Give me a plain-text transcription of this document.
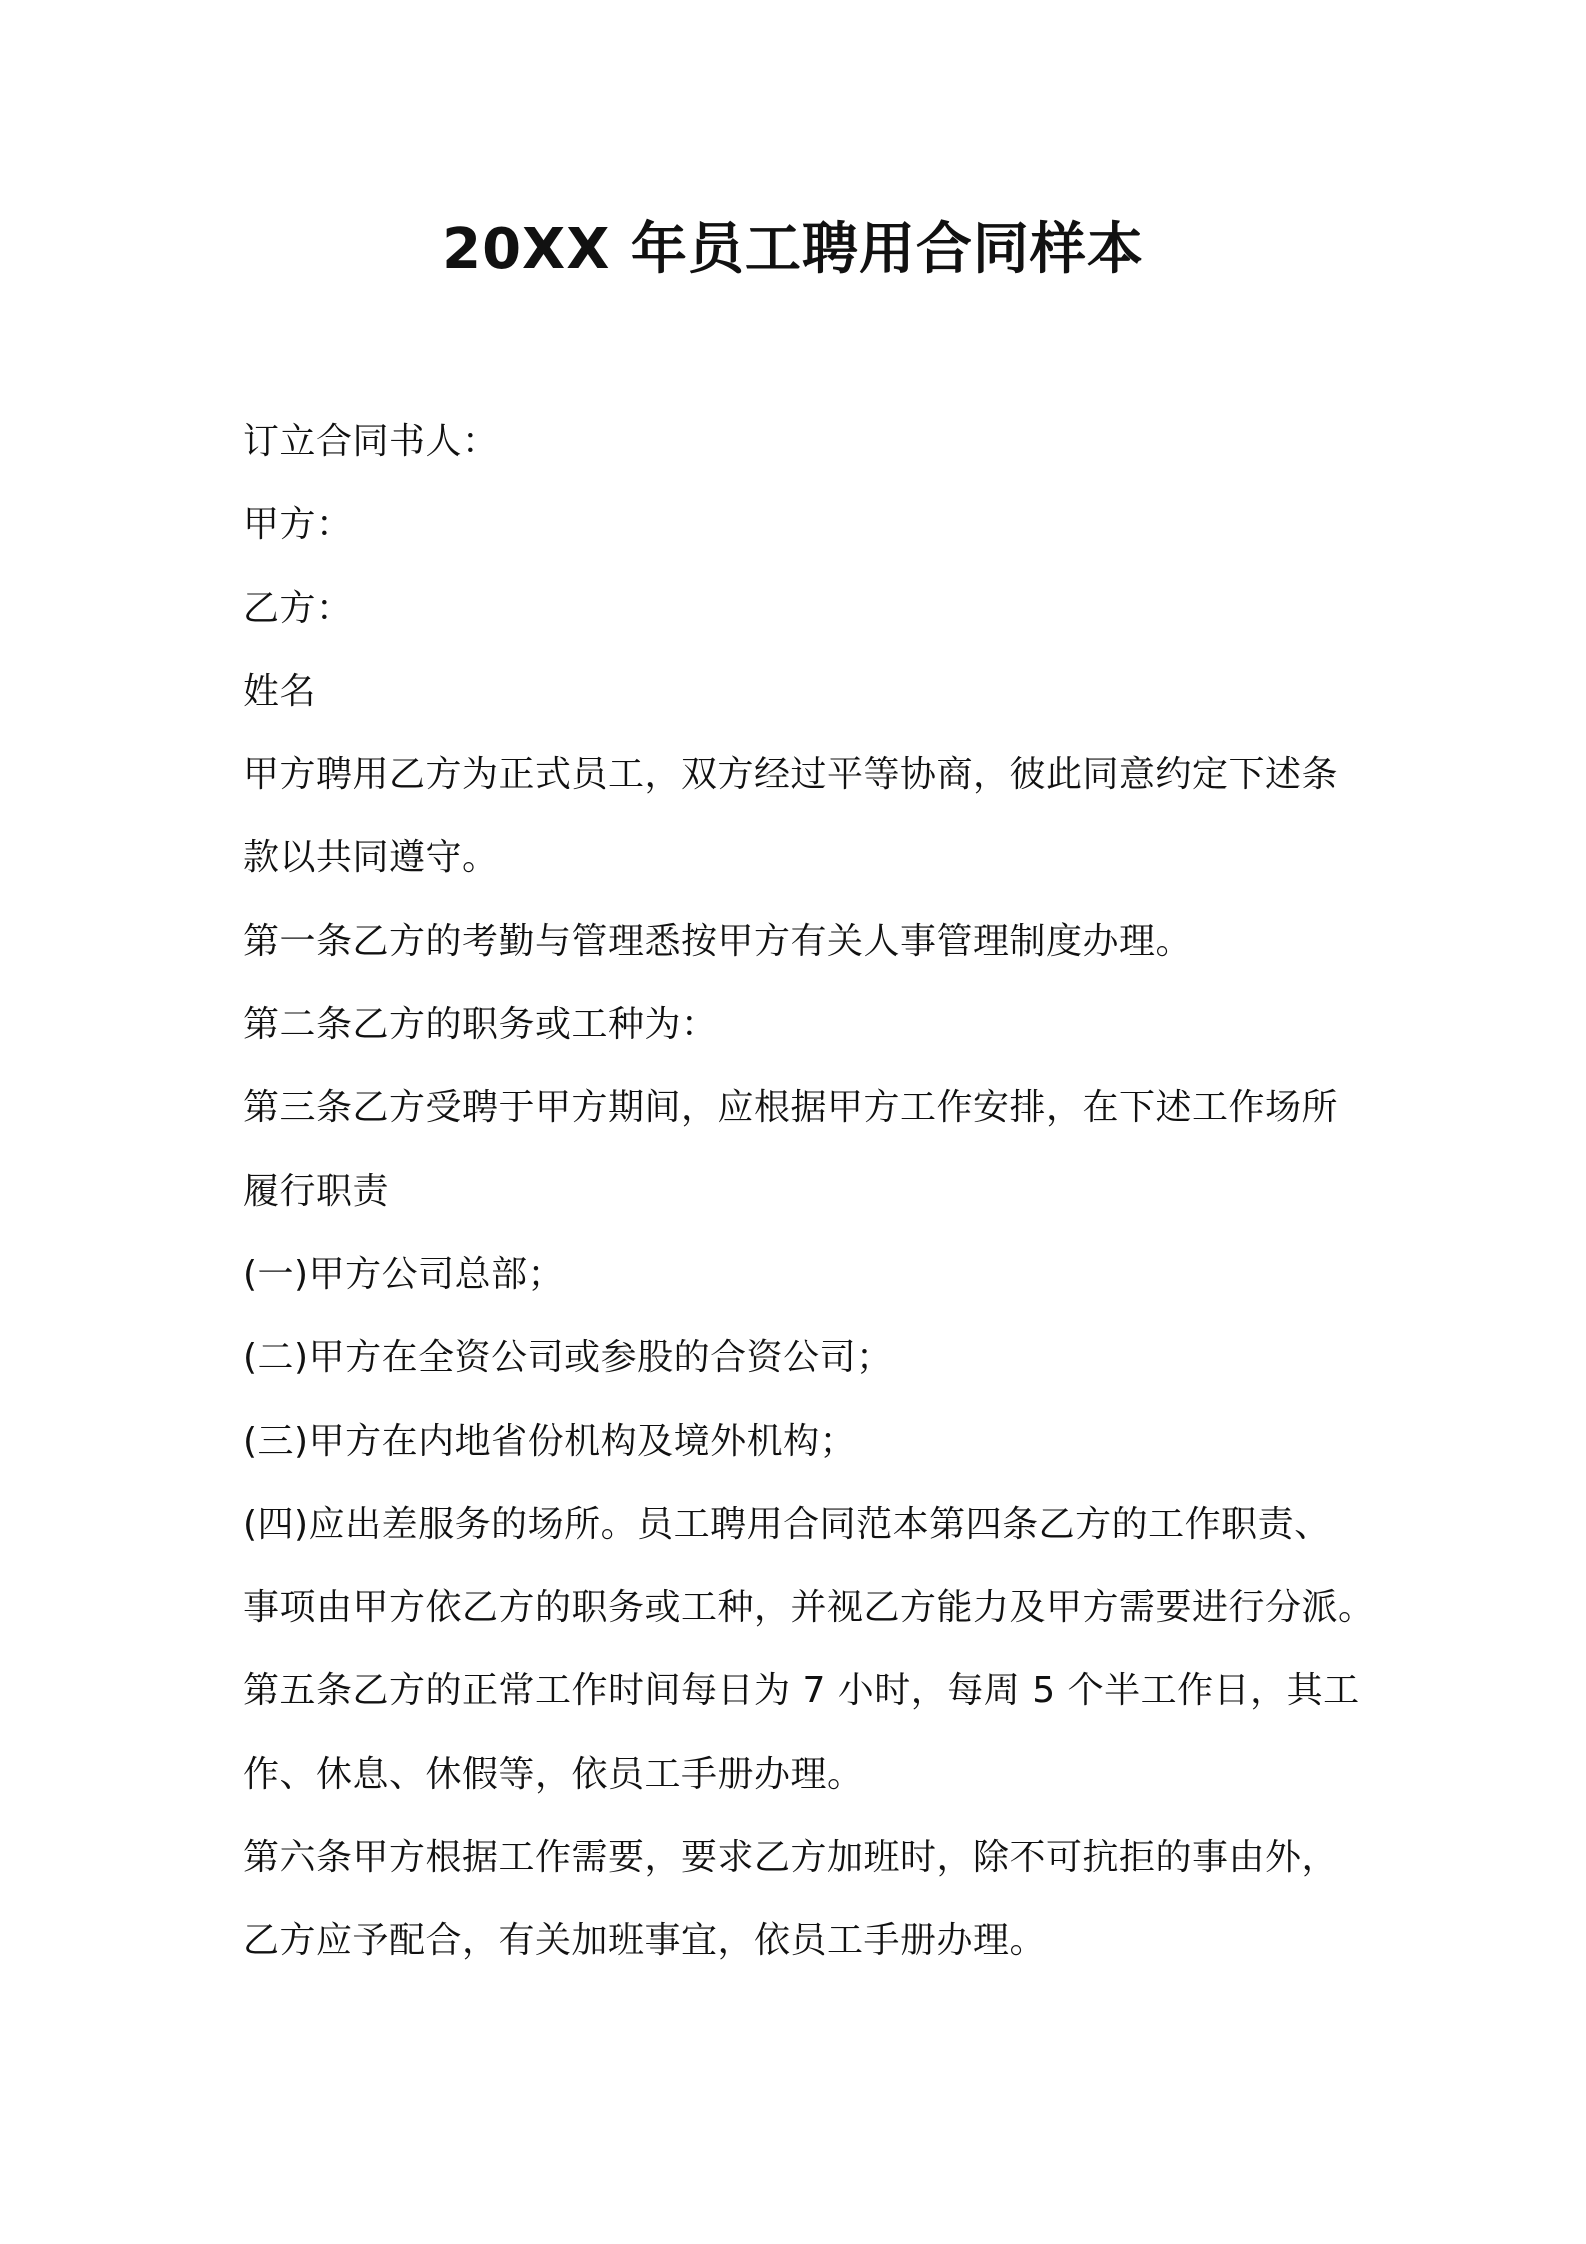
20XX 年员工聘用合同样本
订立合同书人：
甲方：
乙方：
姓名
甲方聘用乙方为正式员工，双方经过平等协商，彼此同意约定下述条
款以共同遵守。
第一条乙方的考勤与管理悉按甲方有关人事管理制度办理。
第二条乙方的职务或工种为：
第三条乙方受聘于甲方期间，应根据甲方工作安排，在下述工作场所
履行职责
(一)甲方公司总部；
(二)甲方在全资公司或参股的合资公司；
(三)甲方在内地省份机构及境外机构；
(四)应出差服务的场所。员工聘用合同范本第四条乙方的工作职责、
事项由甲方依乙方的职务或工种，并视乙方能力及甲方需要进行分派。
第五条乙方的正常工作时间每日为 7 小时，每周 5 个半工作日，其工
作、休息、休假等，依员工手册办理。
第六条甲方根据工作需要，要求乙方加班时，除不可抗拒的事由外，
乙方应予配合，有关加班事宜，依员工手册办理。
